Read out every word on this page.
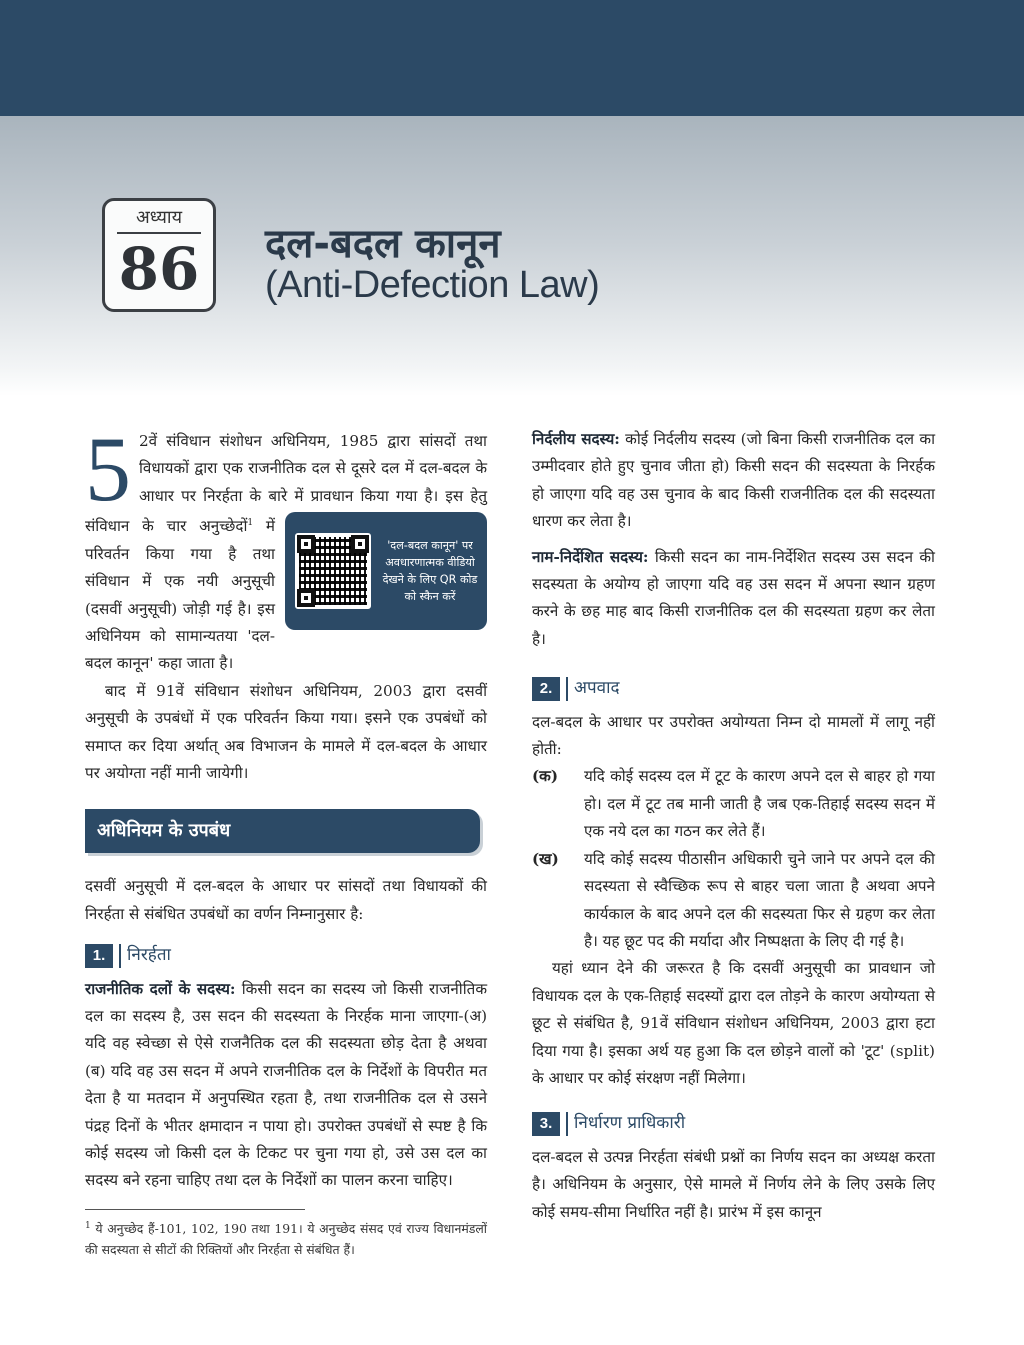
अध्याय
86	दल-बदल कानून
(Anti-Defection Law)

5 2वें संविधान संशोधन अधिनियम, 1985 द्वारा सांसदों तथा विधायकों द्वारा एक राजनीतिक दल से दूसरे दल में दल-बदल के आधार पर निरर्हता के बारे में प्रावधान किया गया है। इस हेतु संविधान के चार अनुच्छेदों$^1$
'दल-बदल कानून' पर अवधारणात्मक वीडियो देखने के लिए QR कोड को स्कैन करें
में परिवर्तन किया गया है तथा संविधान में एक नयी अनुसूची (दसवीं अनुसूची) जोड़ी गई है। इस अधिनियम को सामान्यतया 'दल-बदल कानून' कहा जाता है।

बाद में 91वें संविधान संशोधन अधिनियम, 2003 द्वारा दसवीं अनुसूची के उपबंधों में एक परिवर्तन किया गया। इसने एक उपबंधों को समाप्त कर दिया अर्थात् अब विभाजन के मामले में दल-बदल के आधार पर अयोग्ता नहीं मानी जायेगी।

अधिनियम के उपबंध

दसवीं अनुसूची में दल-बदल के आधार पर सांसदों तथा विधायकों की निरर्हता से संबंधित उपबंधों का वर्णन निम्नानुसार है:

1.	निरर्हता

राजनीतिक दलों के सदस्य: किसी सदन का सदस्य जो किसी राजनीतिक दल का सदस्य है, उस सदन की सदस्यता के निरर्हक माना जाएगा-(अ) यदि वह स्वेच्छा से ऐसे राजनैतिक दल की सदस्यता छोड़ देता है अथवा (ब) यदि वह उस सदन में अपने राजनीतिक दल के निर्देशों के विपरीत मत देता है या मतदान में अनुपस्थित रहता है, तथा राजनीतिक दल से उसने पंद्रह दिनों के भीतर क्षमादान न पाया हो। उपरोक्त उपबंधों से स्पष्ट है कि कोई सदस्य जो किसी दल के टिकट पर चुना गया हो, उसे उस दल का सदस्य बने रहना चाहिए तथा दल के निर्देशों का पालन करना चाहिए।

$^1$ ये अनुच्छेद हैं-101, 102, 190 तथा 191। ये अनुच्छेद संसद एवं राज्य विधानमंडलों की सदस्यता से सीटों की रिक्तियों और निरर्हता से संबंधित हैं।

निर्दलीय सदस्य: कोई निर्दलीय सदस्य (जो बिना किसी राजनीतिक दल का उम्मीदवार होते हुए चुनाव जीता हो) किसी सदन की सदस्यता के निरर्हक हो जाएगा यदि वह उस चुनाव के बाद किसी राजनीतिक दल की सदस्यता धारण कर लेता है।

नाम-निर्देशित सदस्य: किसी सदन का नाम-निर्देशित सदस्य उस सदन की सदस्यता के अयोग्य हो जाएगा यदि वह उस सदन में अपना स्थान ग्रहण करने के छह माह बाद किसी राजनीतिक दल की सदस्यता ग्रहण कर लेता है।

2.	अपवाद

दल-बदल के आधार पर उपरोक्त अयोग्यता निम्न दो मामलों में लागू नहीं होती:

(क)	यदि कोई सदस्य दल में टूट के कारण अपने दल से बाहर हो गया हो। दल में टूट तब मानी जाती है जब एक-तिहाई सदस्य सदन में एक नये दल का गठन कर लेते हैं।
(ख)	यदि कोई सदस्य पीठासीन अधिकारी चुने जाने पर अपने दल की सदस्यता से स्वैच्छिक रूप से बाहर चला जाता है अथवा अपने कार्यकाल के बाद अपने दल की सदस्यता फिर से ग्रहण कर लेता है। यह छूट पद की मर्यादा और निष्पक्षता के लिए दी गई है।

यहां ध्यान देने की जरूरत है कि दसवीं अनुसूची का प्रावधान जो विधायक दल के एक-तिहाई सदस्यों द्वारा दल तोड़ने के कारण अयोग्यता से छूट से संबंधित है, 91वें संविधान संशोधन अधिनियम, 2003 द्वारा हटा दिया गया है। इसका अर्थ यह हुआ कि दल छोड़ने वालों को 'टूट' (split) के आधार पर कोई संरक्षण नहीं मिलेगा।

3.	निर्धारण प्राधिकारी

दल-बदल से उत्पन्न निरर्हता संबंधी प्रश्नों का निर्णय सदन का अध्यक्ष करता है। अधिनियम के अनुसार, ऐसे मामले में निर्णय लेने के लिए उसके लिए कोई समय-सीमा निर्धारित नहीं है। प्रारंभ में इस कानून
